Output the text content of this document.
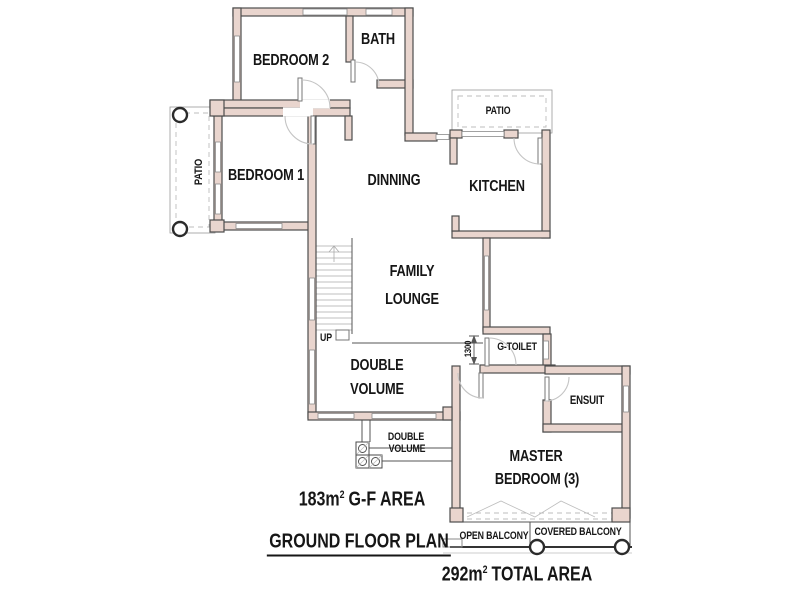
BEDROOM 2
BATH
PATIO BEDROOM 1	DINNING
PATIO
KITCHEN
FAMILY
LOUNGE
DOUBLE
VOLUME
UP
1300 G-TOILET
ENSUIT
MASTER
BEDROOM (3)
DOUBLE
VOLUME
OPEN BALCONY COVERED BALCONY
$183m^2$ G-F AREA
GROUND FLOOR PLAN
$292m^2$ TOTAL AREA
